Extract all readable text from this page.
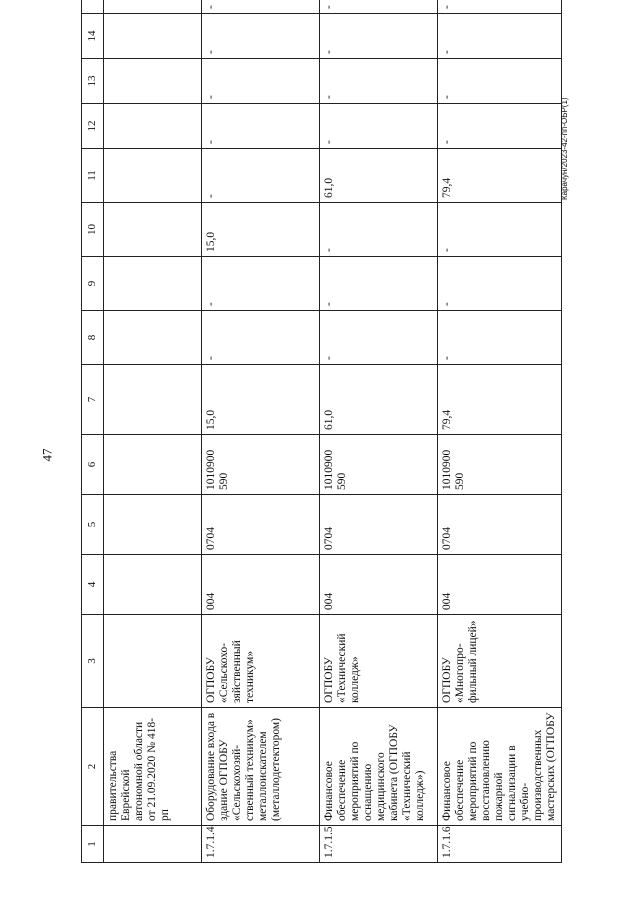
47
Карачун/2023-42-пп-ОБР(1)
1	2	3	4	5	6	7	8	9	10	11	12	13	14	
	правительства Еврейской автономной области от 21.09.2020 № 418-рп													
1.7.1.4	Оборудование входа в здание ОГПОБУ «Сельскохозяй-ственный техникум» металлоискателем (металлодетектором)	ОГПОБУ «Сельскохо-зяйственный техникум»	004	0704	1010900 590	15,0	-	-	15,0	-	-	-	-	-
1.7.1.5	Финансовое обеспечение мероприятий по оснащению медицинского кабинета (ОГПОБУ «Технический колледж»)	ОГПОБУ «Технический колледж»	004	0704	1010900 590	61,0	-	-	-	61,0	-	-	-	-
1.7.1.6	Финансовое обеспечение мероприятий по восстановлению пожарной сигнализации в учебно-производственных мастерских (ОГПОБУ	ОГПОБУ «Многопро-фильный лицей»	004	0704	1010900 590	79,4	-	-	-	79,4	-	-	-	-
